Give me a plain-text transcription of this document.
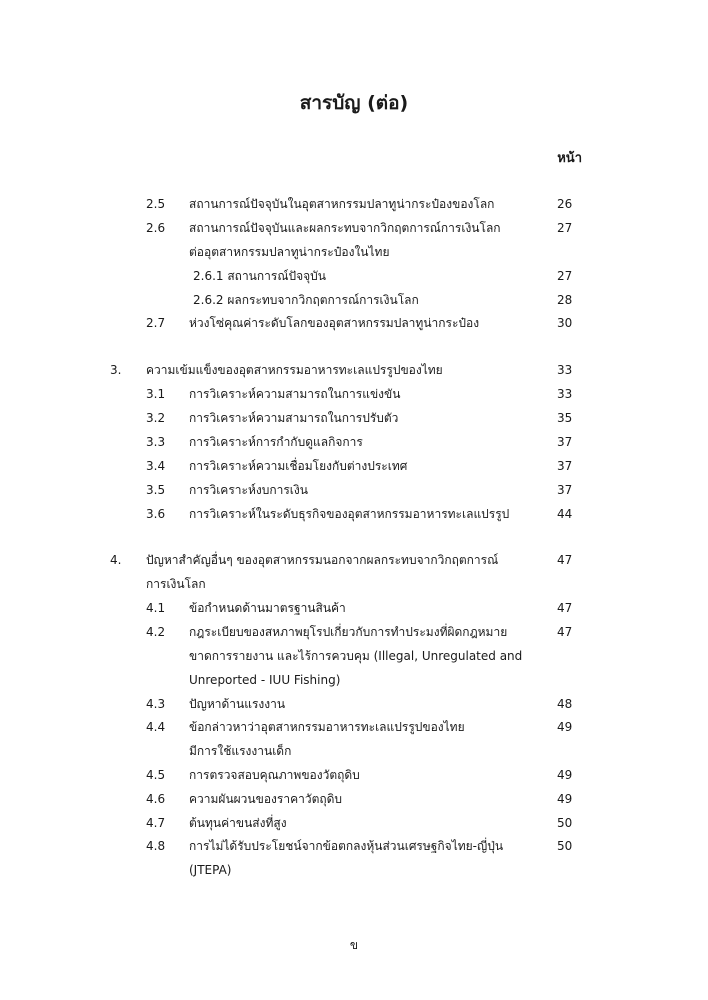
สารบัญ (ต่อ)
หน้า
2.5 สถานการณ์ปัจจุบันในอุตสาหกรรมปลาทูน่ากระป๋องของโลก	26
2.6 สถานการณ์ปัจจุบันและผลกระทบจากวิกฤตการณ์การเงินโลก	27
ต่ออุตสาหกรรมปลาทูน่ากระป๋องในไทย
2.6.1 สถานการณ์ปัจจุบัน	27
2.6.2 ผลกระทบจากวิกฤตการณ์การเงินโลก	28
2.7 ห่วงโซ่คุณค่าระดับโลกของอุตสาหกรรมปลาทูน่ากระป๋อง	30
3. ความเข้มแข็งของอุตสาหกรรมอาหารทะเลแปรรูปของไทย	33
3.1 การวิเคราะห์ความสามารถในการแข่งขัน	33
3.2 การวิเคราะห์ความสามารถในการปรับตัว	35
3.3 การวิเคราะห์การกำกับดูแลกิจการ	37
3.4 การวิเคราะห์ความเชื่อมโยงกับต่างประเทศ	37
3.5 การวิเคราะห์งบการเงิน	37
3.6 การวิเคราะห์ในระดับธุรกิจของอุตสาหกรรมอาหารทะเลแปรรูป	44
4. ปัญหาสำคัญอื่นๆ ของอุตสาหกรรมนอกจากผลกระทบจากวิกฤตการณ์	47
การเงินโลก
4.1 ข้อกำหนดด้านมาตรฐานสินค้า	47
4.2 กฎระเบียบของสหภาพยุโรปเกี่ยวกับการทำประมงที่ผิดกฎหมาย	47
ขาดการรายงาน และไร้การควบคุม (Illegal, Unregulated and
Unreported - IUU Fishing)
4.3 ปัญหาด้านแรงงาน	48
4.4 ข้อกล่าวหาว่าอุตสาหกรรมอาหารทะเลแปรรูปของไทย	49
มีการใช้แรงงานเด็ก
4.5 การตรวจสอบคุณภาพของวัตถุดิบ	49
4.6 ความผันผวนของราคาวัตถุดิบ	49
4.7 ต้นทุนค่าขนส่งที่สูง	50
4.8 การไม่ได้รับประโยชน์จากข้อตกลงหุ้นส่วนเศรษฐกิจไทย-ญี่ปุ่น	50
(JTEPA)
ข
